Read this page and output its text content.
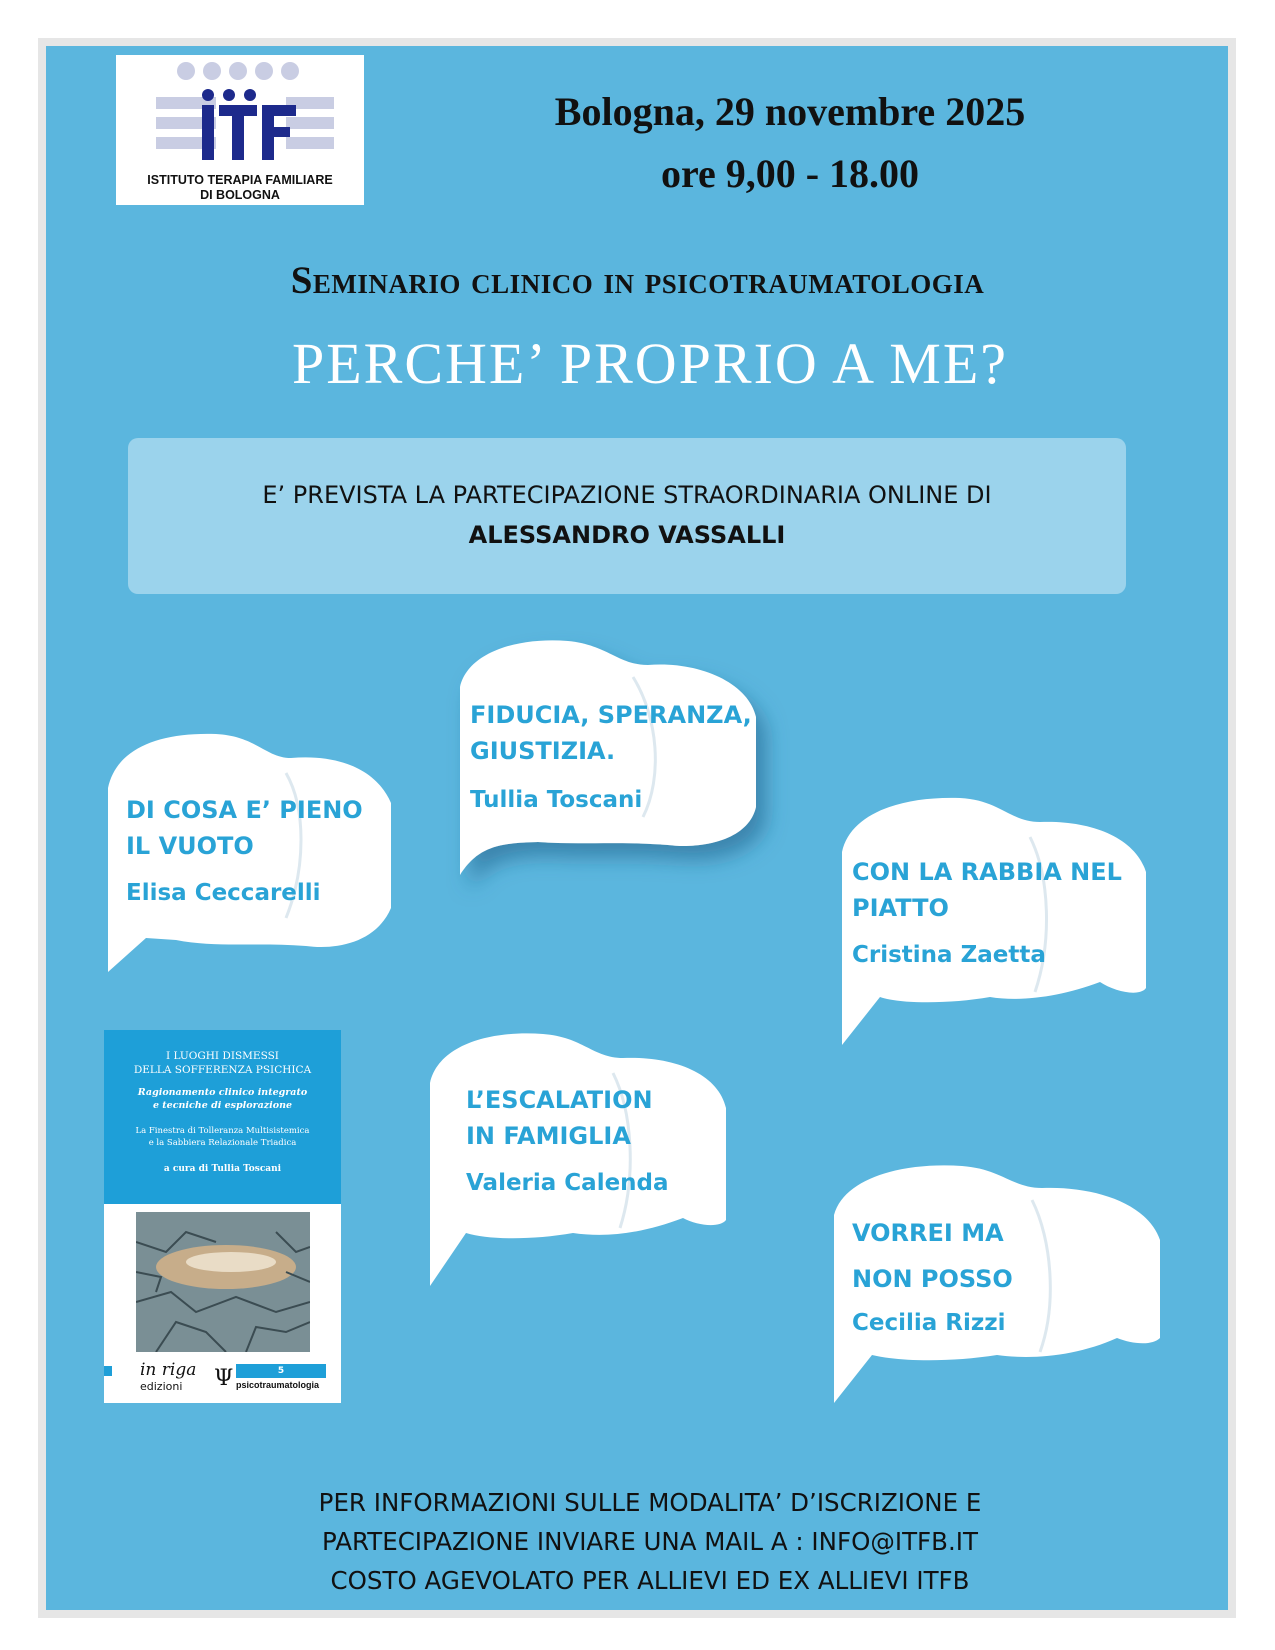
ISTITUTO TERAPIA FAMILIARE
DI BOLOGNA
Bologna, 29 novembre 2025
ore 9,00 - 18.00
Seminario clinico in psicotraumatologia
PERCHE’ PROPRIO A ME?
E’ PREVISTA LA PARTECIPAZIONE STRAORDINARIA ONLINE DI
ALESSANDRO VASSALLI
DI COSA E’ PIENO
IL VUOTO
Elisa Ceccarelli
FIDUCIA, SPERANZA,
GIUSTIZIA.
Tullia Toscani
CON LA RABBIA NEL
PIATTO
Cristina Zaetta
I LUOGHI DISMESSI
DELLA SOFFERENZA PSICHICA
Ragionamento clinico integrato
e tecniche di esplorazione
La Finestra di Tolleranza Multisistemica
e la Sabbiera Relazionale Triadica
a cura di Tullia Toscani
in riga
edizioni Ψ	5
psicotraumatologia
L’ESCALATION
IN FAMIGLIA
Valeria Calenda
VORREI MA
NON POSSO
Cecilia Rizzi
PER INFORMAZIONI SULLE MODALITA’ D’ISCRIZIONE E
PARTECIPAZIONE INVIARE UNA MAIL A : INFO@ITFB.IT
COSTO AGEVOLATO PER ALLIEVI ED EX ALLIEVI ITFB
